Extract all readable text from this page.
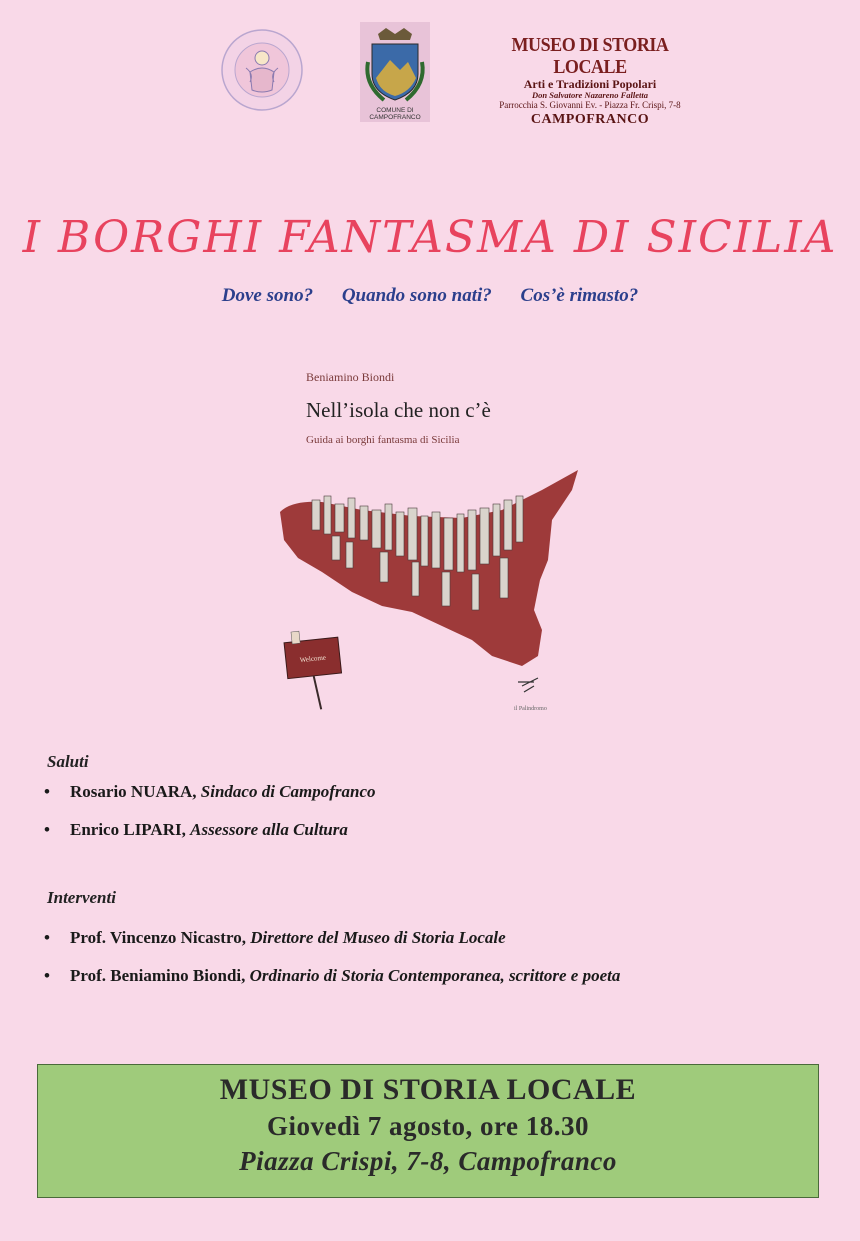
COMUNE DI
CAMPOFRANCO
MUSEO DI STORIA LOCALE
Arti e Tradizioni Popolari
Don Salvatore Nazareno Falletta
Parrocchia S. Giovanni Ev. - Piazza Fr. Crispi, 7-8
CAMPOFRANCO
I BORGHI FANTASMA DI SICILIA
Dove sono? Quando sono nati? Cos’è rimasto?
Beniamino Biondi
Nell’isola che non c’è
Guida ai borghi fantasma di Sicilia
Welcome
il Palindromo
Saluti
• Rosario NUARA, Sindaco di Campofranco
• Enrico LIPARI, Assessore alla Cultura
Interventi
• Prof. Vincenzo Nicastro, Direttore del Museo di Storia Locale
• Prof. Beniamino Biondi, Ordinario di Storia Contemporanea, scrittore e poeta
MUSEO DI STORIA LOCALE
Giovedì 7 agosto, ore 18.30
Piazza Crispi, 7-8, Campofranco
